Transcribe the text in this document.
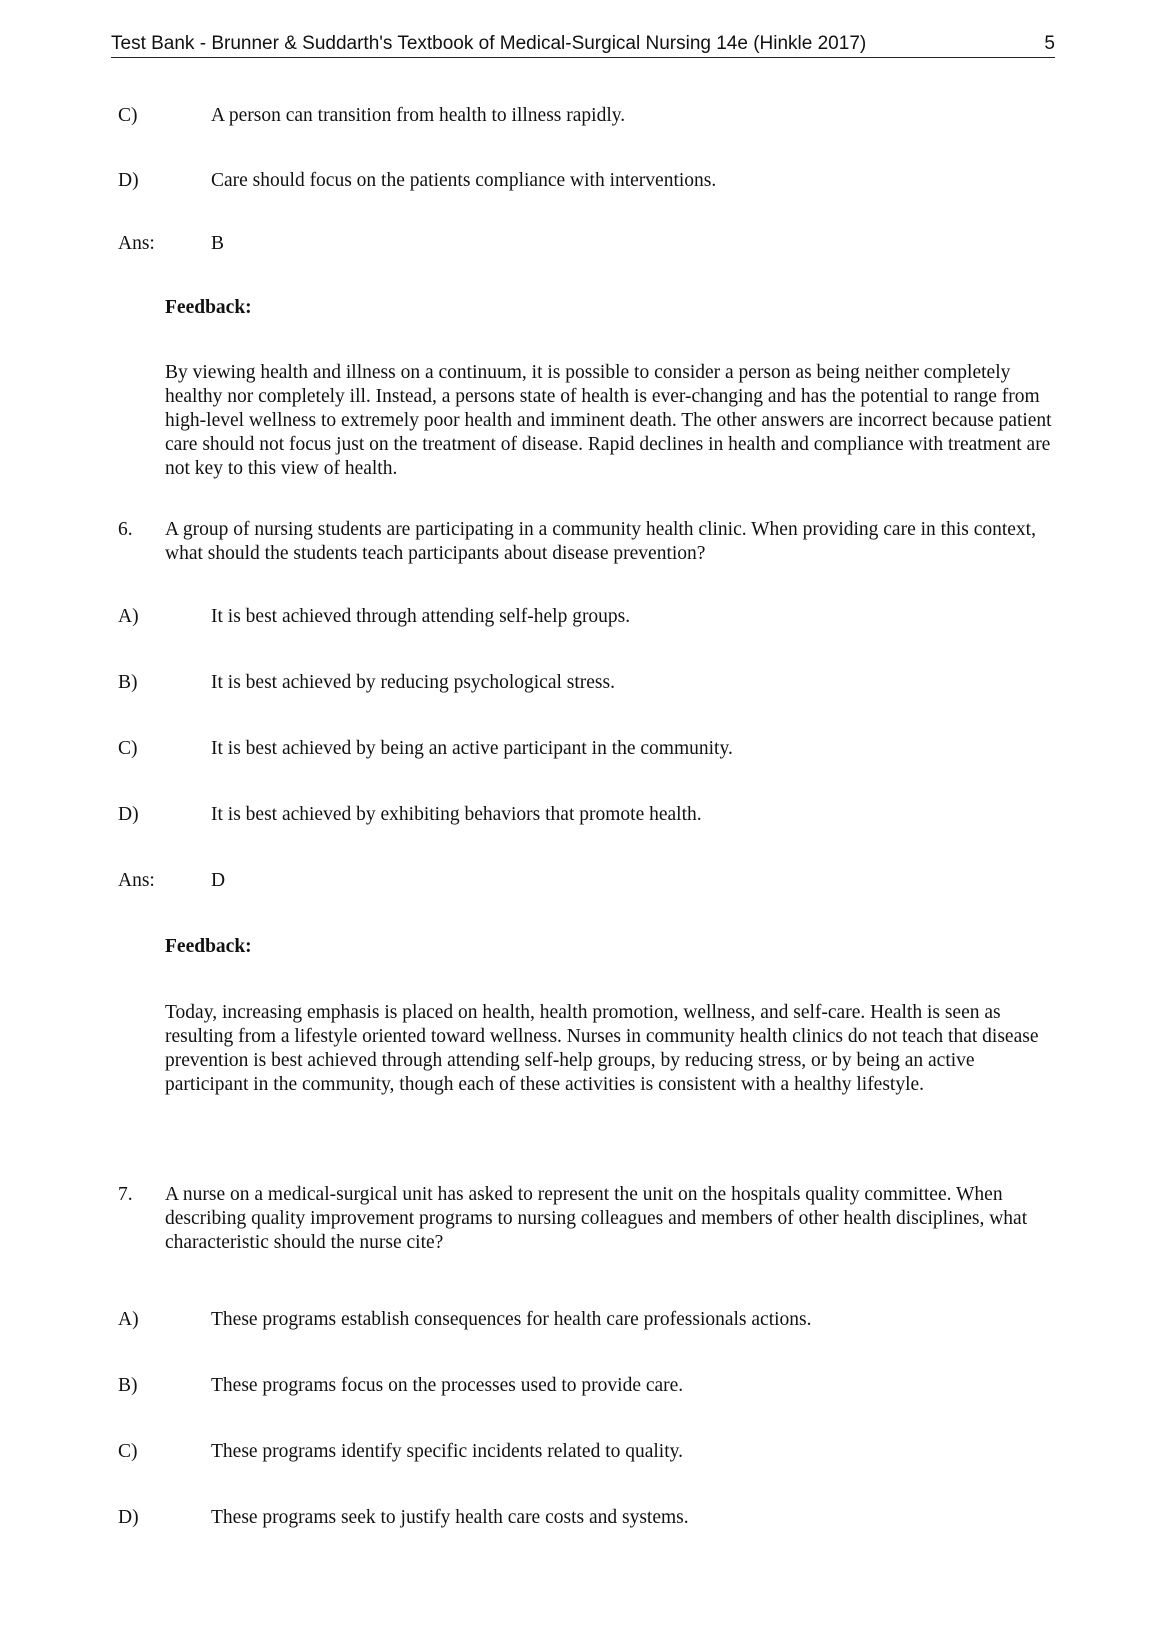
Test Bank - Brunner & Suddarth's Textbook of Medical-Surgical Nursing 14e (Hinkle 2017)	5
C)	A person can transition from health to illness rapidly.
D)	Care should focus on the patients compliance with interventions.
Ans:	B
Feedback:
By viewing health and illness on a continuum, it is possible to consider a person as being neither completely healthy nor completely ill. Instead, a persons state of health is ever-changing and has the potential to range from high-level wellness to extremely poor health and imminent death. The other answers are incorrect because patient care should not focus just on the treatment of disease. Rapid declines in health and compliance with treatment are not key to this view of health.
6. A group of nursing students are participating in a community health clinic. When providing care in this context, what should the students teach participants about disease prevention?
A)	It is best achieved through attending self-help groups.
B)	It is best achieved by reducing psychological stress.
C)	It is best achieved by being an active participant in the community.
D)	It is best achieved by exhibiting behaviors that promote health.
Ans:	D
Feedback:
Today, increasing emphasis is placed on health, health promotion, wellness, and self-care. Health is seen as resulting from a lifestyle oriented toward wellness. Nurses in community health clinics do not teach that disease prevention is best achieved through attending self-help groups, by reducing stress, or by being an active participant in the community, though each of these activities is consistent with a healthy lifestyle.
7. A nurse on a medical-surgical unit has asked to represent the unit on the hospitals quality committee. When describing quality improvement programs to nursing colleagues and members of other health disciplines, what characteristic should the nurse cite?
A)	These programs establish consequences for health care professionals actions.
B)	These programs focus on the processes used to provide care.
C)	These programs identify specific incidents related to quality.
D)	These programs seek to justify health care costs and systems.
